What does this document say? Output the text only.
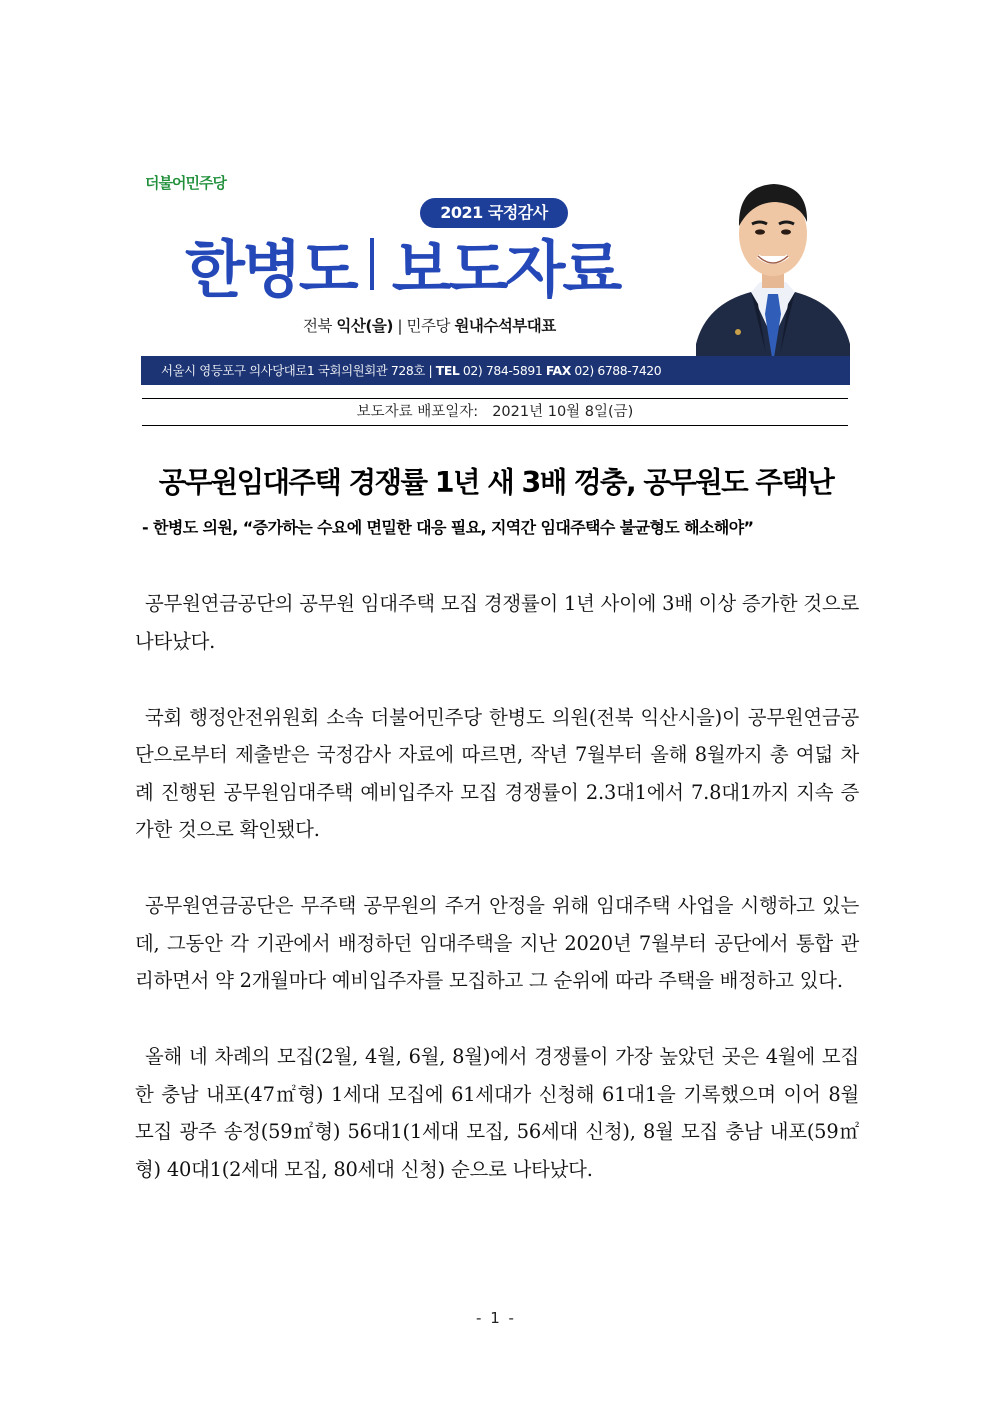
더불어민주당
2021 국정감사
한병도 보도자료
전북 익산(을) | 민주당 원내수석부대표
서울시 영등포구 의사당대로1 국회의원회관 728호 | TEL 02) 784-5891 FAX 02) 6788-7420
보도자료 배포일자: 2021년 10월 8일(금)
공무원임대주택 경쟁률 1년 새 3배 껑충, 공무원도 주택난
- 한병도 의원, “증가하는 수요에 면밀한 대응 필요, 지역간 임대주택수 불균형도 해소해야”

공무원연금공단의 공무원 임대주택 모집 경쟁률이 1년 사이에 3배 이상 증가한 것으로 나타났다.

국회 행정안전위원회 소속 더불어민주당 한병도 의원(전북 익산시을)이 공무원연금공단으로부터 제출받은 국정감사 자료에 따르면, 작년 7월부터 올해 8월까지 총 여덟 차례 진행된 공무원임대주택 예비입주자 모집 경쟁률이 2.3대1에서 7.8대1까지 지속 증가한 것으로 확인됐다.

공무원연금공단은 무주택 공무원의 주거 안정을 위해 임대주택 사업을 시행하고 있는데, 그동안 각 기관에서 배정하던 임대주택을 지난 2020년 7월부터 공단에서 통합 관리하면서 약 2개월마다 예비입주자를 모집하고 그 순위에 따라 주택을 배정하고 있다.

올해 네 차례의 모집(2월, 4월, 6월, 8월)에서 경쟁률이 가장 높았던 곳은 4월에 모집한 충남 내포(47㎡형) 1세대 모집에 61세대가 신청해 61대1을 기록했으며 이어 8월 모집 광주 송정(59㎡형) 56대1(1세대 모집, 56세대 신청), 8월 모집 충남 내포(59㎡형) 40대1(2세대 모집, 80세대 신청) 순으로 나타났다.

- 1 -
